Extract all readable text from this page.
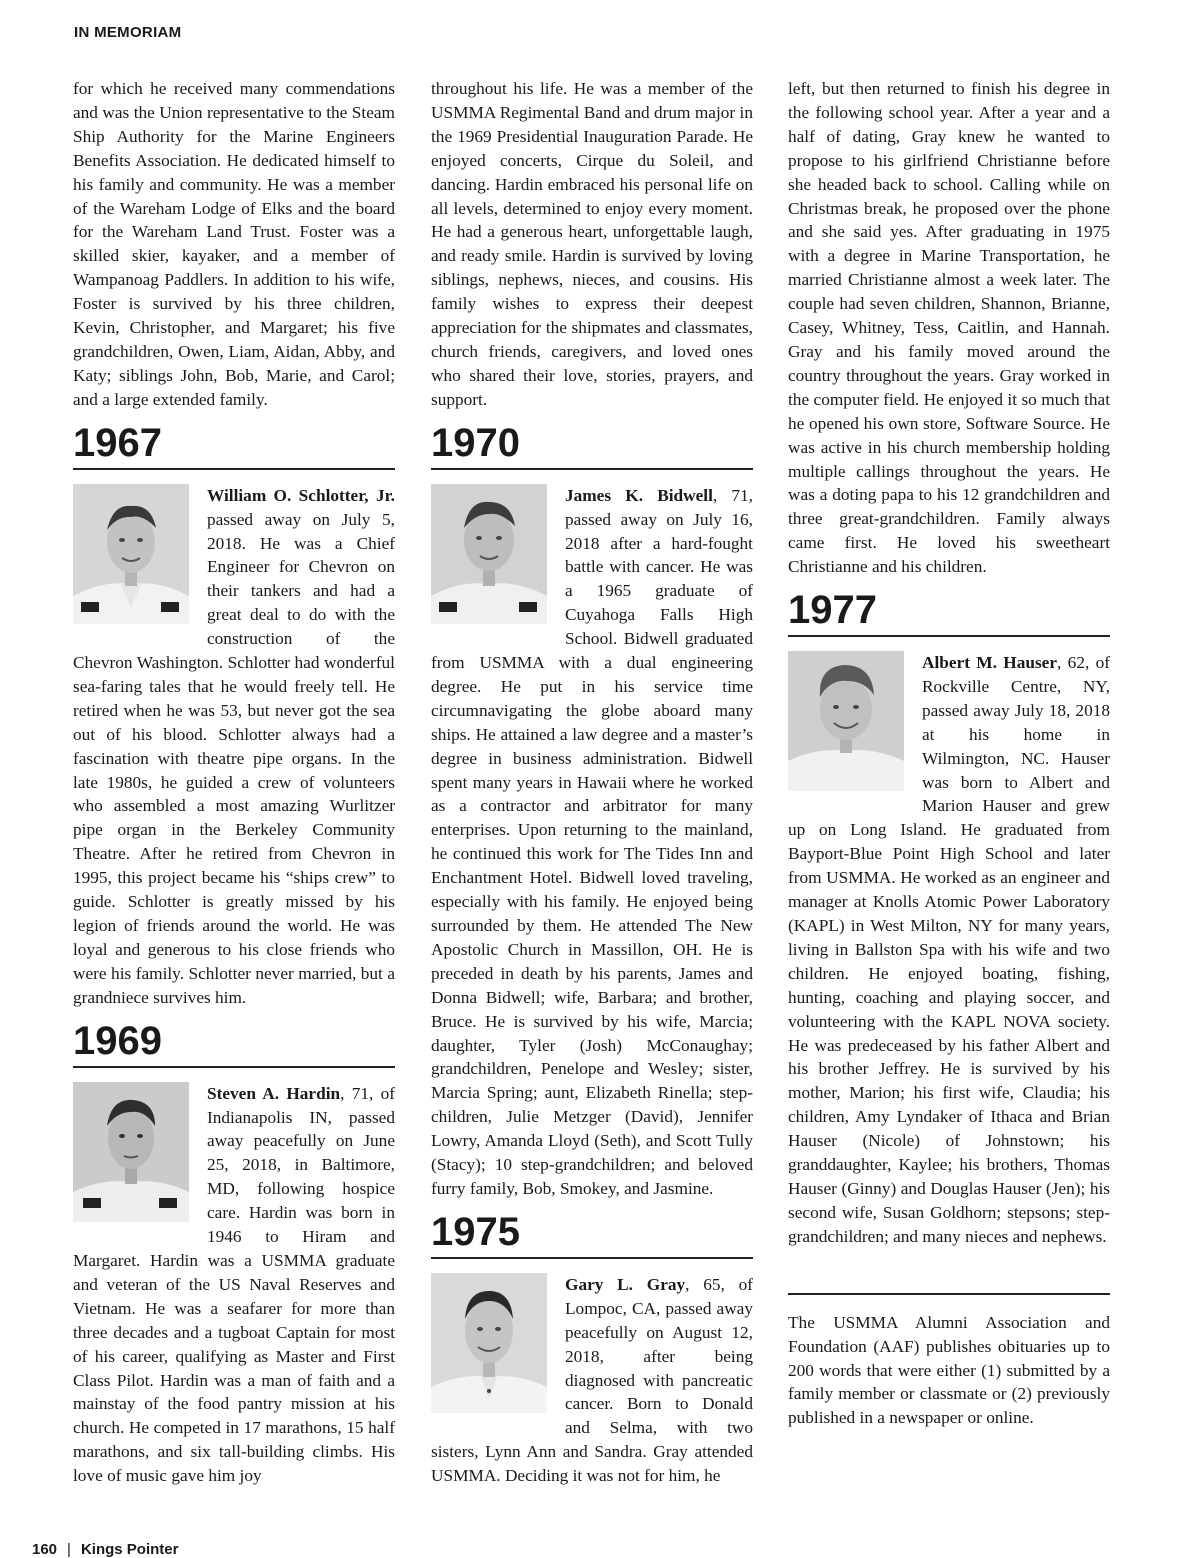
IN MEMORIAM

for which he received many commendations and was the Union representative to the Steam Ship Authority for the Marine Engineers Benefits Association. He dedicated himself to his family and community. He was a member of the Wareham Lodge of Elks and the board for the Wareham Land Trust. Foster was a skilled skier, kayaker, and a member of Wampanoag Paddlers. In addition to his wife, Foster is survived by his three children, Kevin, Christopher, and Margaret; his five grandchildren, Owen, Liam, Aidan, Abby, and Katy; siblings John, Bob, Marie, and Carol; and a large extended family.

1967

William O. Schlotter, Jr. passed away on July 5, 2018. He was a Chief Engineer for Chevron on their tankers and had a great deal to do with the construction of the Chevron Washington. Schlotter had wonderful sea-faring tales that he would freely tell. He retired when he was 53, but never got the sea out of his blood. Schlotter always had a fascination with theatre pipe organs. In the late 1980s, he guided a crew of volunteers who assembled a most amazing Wurlitzer pipe organ in the Berkeley Community Theatre. After he retired from Chevron in 1995, this project became his “ships crew” to guide. Schlotter is greatly missed by his legion of friends around the world. He was loyal and generous to his close friends who were his family. Schlotter never married, but a grandniece survives him.

1969

Steven A. Hardin, 71, of Indianapolis IN, passed away peacefully on June 25, 2018, in Baltimore, MD, following hospice care. Hardin was born in 1946 to Hiram and Margaret. Hardin was a USMMA graduate and veteran of the US Naval Reserves and Vietnam. He was a seafarer for more than three decades and a tugboat Captain for most of his career, qualifying as Master and First Class Pilot. Hardin was a man of faith and a mainstay of the food pantry mission at his church. He competed in 17 marathons, 15 half marathons, and six tall-building climbs. His love of music gave him joy

throughout his life. He was a member of the USMMA Regimental Band and drum major in the 1969 Presidential Inauguration Parade. He enjoyed concerts, Cirque du Soleil, and dancing. Hardin embraced his personal life on all levels, determined to enjoy every moment. He had a generous heart, unforgettable laugh, and ready smile. Hardin is survived by loving siblings, nephews, nieces, and cousins. His family wishes to express their deepest appreciation for the shipmates and classmates, church friends, caregivers, and loved ones who shared their love, stories, prayers, and support.

1970

James K. Bidwell, 71, passed away on July 16, 2018 after a hard-fought battle with cancer. He was a 1965 graduate of Cuyahoga Falls High School. Bidwell graduated from USMMA with a dual engineering degree. He put in his service time circumnavigating the globe aboard many ships. He attained a law degree and a master’s degree in business administration. Bidwell spent many years in Hawaii where he worked as a contractor and arbitrator for many enterprises. Upon returning to the mainland, he continued this work for The Tides Inn and Enchantment Hotel. Bidwell loved traveling, especially with his family. He enjoyed being surrounded by them. He attended The New Apostolic Church in Massillon, OH. He is preceded in death by his parents, James and Donna Bidwell; wife, Barbara; and brother, Bruce. He is survived by his wife, Marcia; daughter, Tyler (Josh) McConaughay; grandchildren, Penelope and Wesley; sister, Marcia Spring; aunt, Elizabeth Rinella; step-children, Julie Metzger (David), Jennifer Lowry, Amanda Lloyd (Seth), and Scott Tully (Stacy); 10 step-grandchildren; and beloved furry family, Bob, Smokey, and Jasmine.

1975

Gary L. Gray, 65, of Lompoc, CA, passed away peacefully on August 12, 2018, after being diagnosed with pancreatic cancer. Born to Donald and Selma, with two sisters, Lynn Ann and Sandra. Gray attended USMMA. Deciding it was not for him, he

left, but then returned to finish his degree in the following school year. After a year and a half of dating, Gray knew he wanted to propose to his girlfriend Christianne before she headed back to school. Calling while on Christmas break, he proposed over the phone and she said yes. After graduating in 1975 with a degree in Marine Transportation, he married Christianne almost a week later. The couple had seven children, Shannon, Brianne, Casey, Whitney, Tess, Caitlin, and Hannah. Gray and his family moved around the country throughout the years. Gray worked in the computer field. He enjoyed it so much that he opened his own store, Software Source. He was active in his church membership holding multiple callings throughout the years. He was a doting papa to his 12 grandchildren and three great-grandchildren. Family always came first. He loved his sweetheart Christianne and his children.

1977

Albert M. Hauser, 62, of Rockville Centre, NY, passed away July 18, 2018 at his home in Wilmington, NC. Hauser was born to Albert and Marion Hauser and grew up on Long Island. He graduated from Bayport-Blue Point High School and later from USMMA. He worked as an engineer and manager at Knolls Atomic Power Laboratory (KAPL) in West Milton, NY for many years, living in Ballston Spa with his wife and two children. He enjoyed boating, fishing, hunting, coaching and playing soccer, and volunteering with the KAPL NOVA society. He was predeceased by his father Albert and his brother Jeffrey. He is survived by his mother, Marion; his first wife, Claudia; his children, Amy Lyndaker of Ithaca and Brian Hauser (Nicole) of Johnstown; his granddaughter, Kaylee; his brothers, Thomas Hauser (Ginny) and Douglas Hauser (Jen); his second wife, Susan Goldhorn; stepsons; step-grandchildren; and many nieces and nephews.

The USMMA Alumni Association and Foundation (AAF) publishes obituaries up to 200 words that were either (1) submitted by a family member or classmate or (2) previously published in a newspaper or online.

160 | Kings Pointer
